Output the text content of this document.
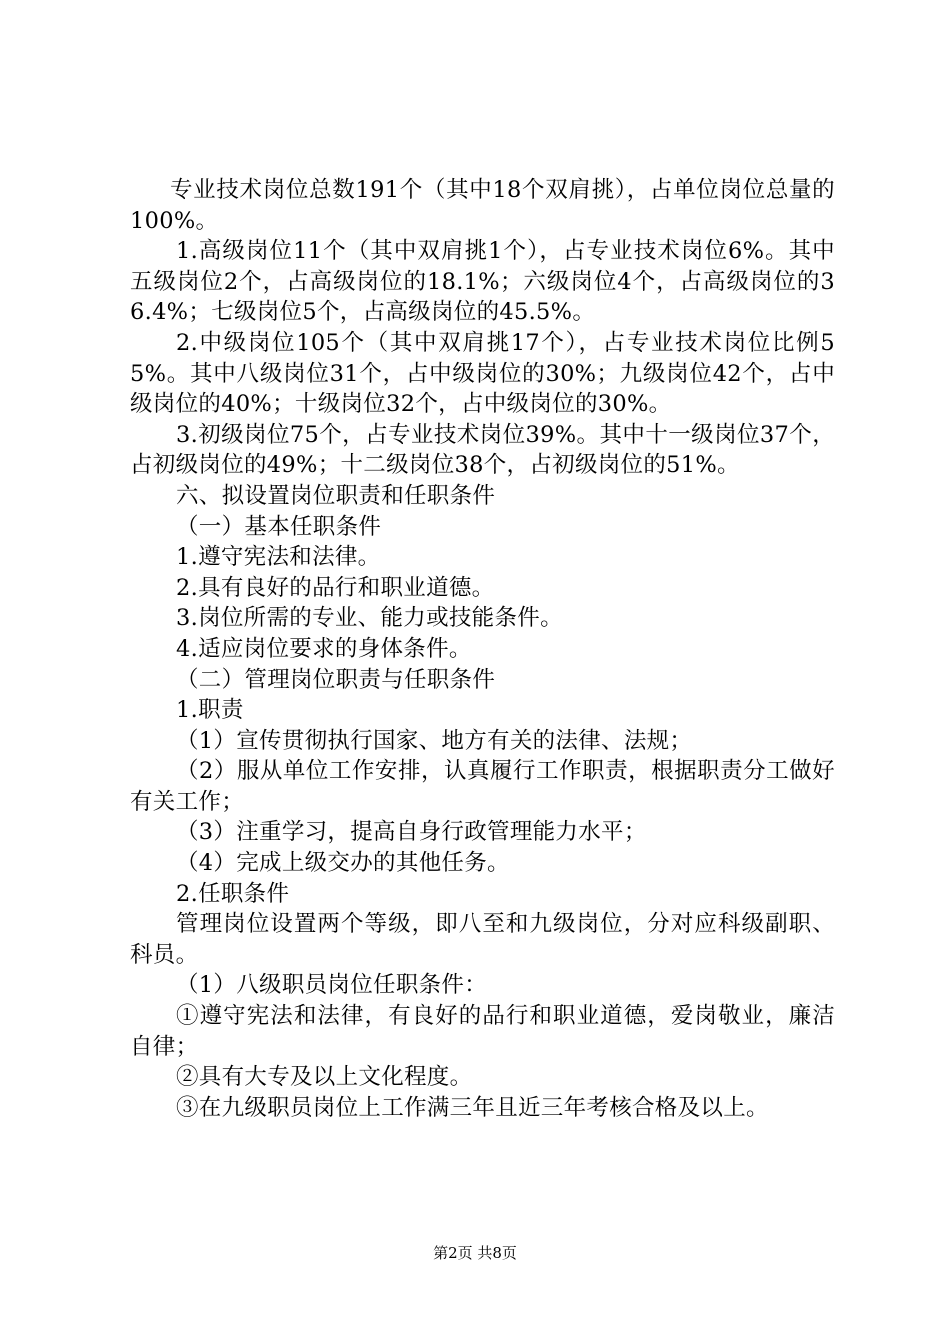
专业技术岗位总数191个（其中18个双肩挑），占单位岗位总量的100%。

1.高级岗位11个（其中双肩挑1个），占专业技术岗位6%。其中五级岗位2个，占高级岗位的18.1%；六级岗位4个，占高级岗位的36.4%；七级岗位5个，占高级岗位的45.5%。

2.中级岗位105个（其中双肩挑17个），占专业技术岗位比例55%。其中八级岗位31个，占中级岗位的30%；九级岗位42个，占中级岗位的40%；十级岗位32个，占中级岗位的30%。

3.初级岗位75个，占专业技术岗位39%。其中十一级岗位37个，占初级岗位的49%；十二级岗位38个，占初级岗位的51%。

六、拟设置岗位职责和任职条件

（一）基本任职条件

1.遵守宪法和法律。

2.具有良好的品行和职业道德。

3.岗位所需的专业、能力或技能条件。

4.适应岗位要求的身体条件。

（二）管理岗位职责与任职条件

1.职责

（1）宣传贯彻执行国家、地方有关的法律、法规；

（2）服从单位工作安排，认真履行工作职责，根据职责分工做好有关工作；

（3）注重学习，提高自身行政管理能力水平；

（4）完成上级交办的其他任务。

2.任职条件

管理岗位设置两个等级，即八至和九级岗位，分对应科级副职、科员。

（1）八级职员岗位任职条件：

①遵守宪法和法律，有良好的品行和职业道德，爱岗敬业，廉洁自律；

②具有大专及以上文化程度。

③在九级职员岗位上工作满三年且近三年考核合格及以上。

第2页 共8页
